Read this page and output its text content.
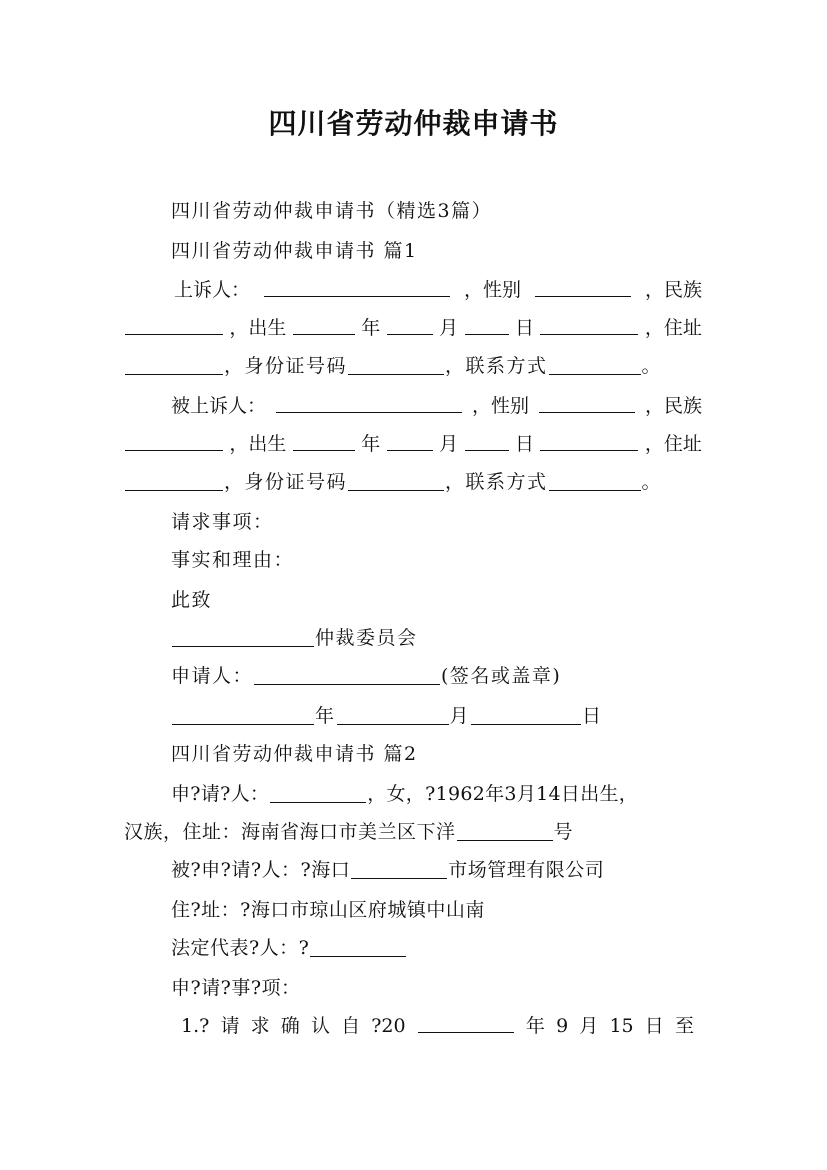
四川省劳动仲裁申请书
四川省劳动仲裁申请书（精选3篇）
四川省劳动仲裁申请书 篇1
上诉人：	，性别	，民族
，出生	年	月	日	，住址
，身份证号码	，联系方式	。
被上诉人：	，性别	，民族
，出生	年	月	日	，住址
，身份证号码	，联系方式	。
请求事项：
事实和理由：
此致
仲裁委员会
申请人：	(签名或盖章)
年	月	日
四川省劳动仲裁申请书 篇2
申?请?人：	，女，?1962年3月14日出生，
汉族，住址：海南省海口市美兰区下洋	号
被?申?请?人：?海口	市场管理有限公司
住?址：?海口市琼山区府城镇中山南
法定代表?人：?
申?请?事?项：
1.? 请 求 确 认 自 ?20	年 9 月 15 日 至
